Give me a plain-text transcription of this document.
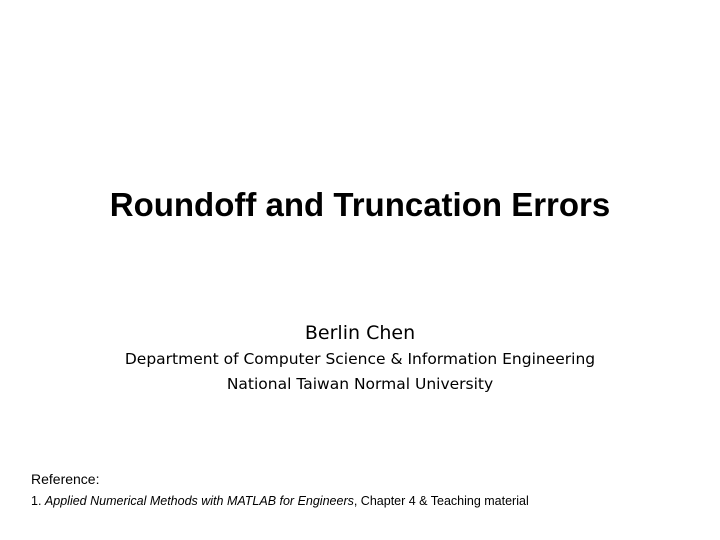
Roundoff and Truncation Errors
Berlin Chen
Department of Computer Science & Information Engineering
National Taiwan Normal University
Reference:
1. Applied Numerical Methods with MATLAB for Engineers, Chapter 4 & Teaching material
